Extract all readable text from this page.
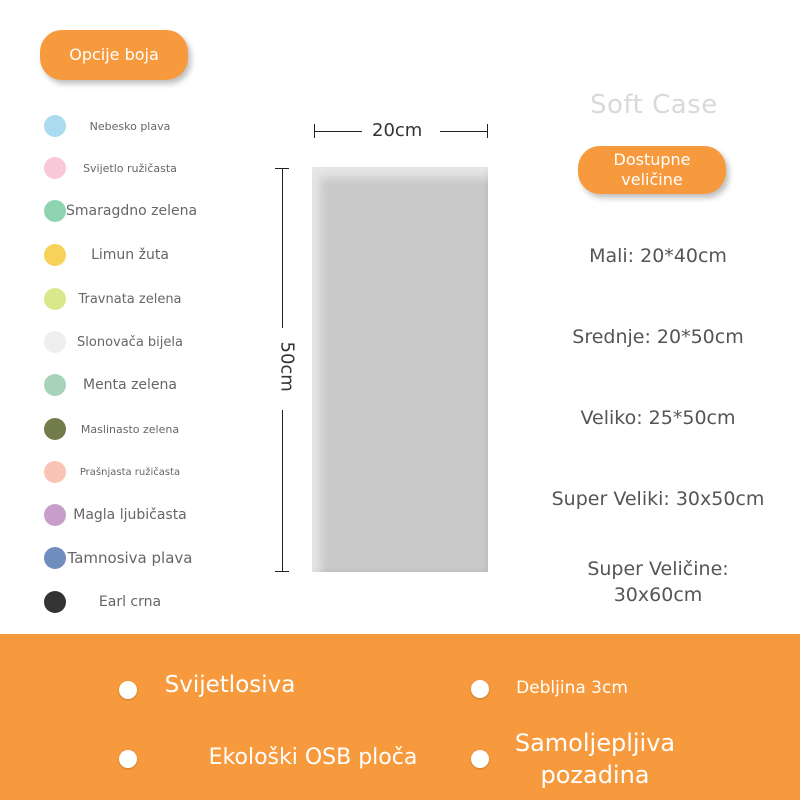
Opcije boja
Nebesko plava
Svijetlo ružičasta
Smaragdno zelena
Limun žuta
Travnata zelena
Slonovača bijela
Menta zelena
Maslinasto zelena
Prašnjasta ružičasta
Magla ljubičasta
Tamnosiva plava
Earl crna
Soft Case
20cm
50cm
Dostupne veličine
Mali: 20*40cm
Srednje: 20*50cm
Veliko: 25*50cm
Super Veliki: 30x50cm
Super Veličine: 30x60cm
Svijetlosiva	Debljina 3cm
Ekološki OSB ploča
Samoljepljiva pozadina
